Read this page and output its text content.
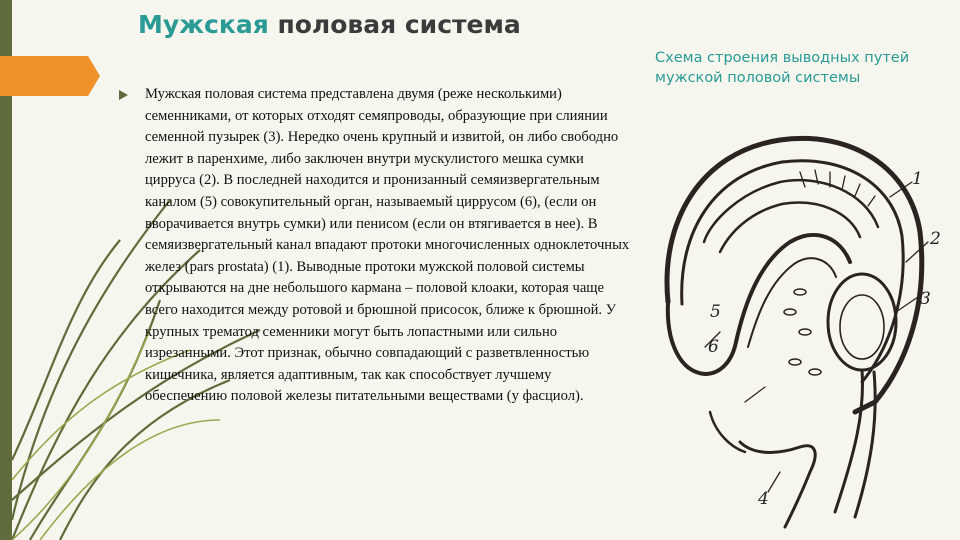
Мужская половая система
Мужская половая система представлена двумя (реже несколькими) семенниками, от которых отходят семяпроводы, образующие при слиянии семенной пузырек (3). Нередко очень крупный и извитой, он либо свободно лежит в паренхиме, либо заключен внутри мускулистого мешка сумки цирруса (2). В последней находится и пронизанный семяизвергательным каналом (5) совокупительный орган, называемый циррусом (6), (если он вворачивается внутрь сумки) или пенисом (если он втягивается в нее). В семяизвергательный канал впадают протоки многочисленных одноклеточных желез (pars prostata) (1). Выводные протоки мужской половой системы открываются на дне небольшого кармана – половой клоаки, которая чаще всего находится между ротовой и брюшной присосок, ближе к брюшной. У крупных трематод семенники могут быть лопастными или сильно изрезанными. Этот признак, обычно совпадающий с разветвленностью кишечника, является адаптивным, так как способствует лучшему обеспечению половой железы питательными веществами (у фасциол).
Схема строения выводных путей мужской половой системы
1
2
3
4
5
6
